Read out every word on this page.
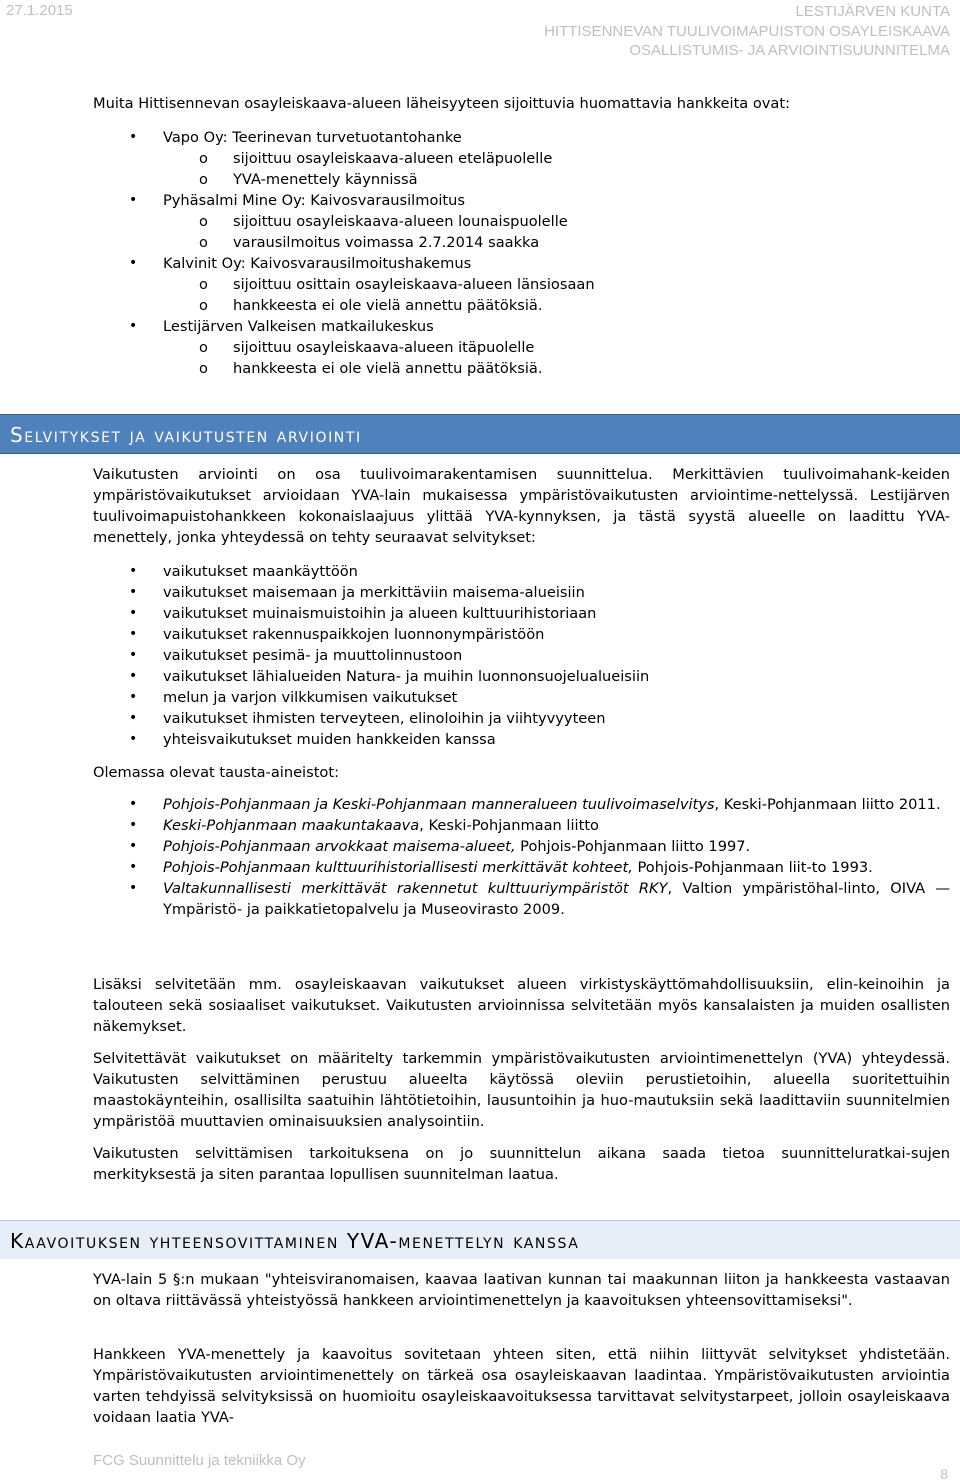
27.1.2015	LESTIJÄRVEN KUNTA
HITTISENNEVAN TUULIVOIMAPUISTON OSAYLEISKAAVA
OSALLISTUMIS- JA ARVIOINTISUUNNITELMA

Muita Hittisennevan osayleiskaava-alueen läheisyyteen sijoittuvia huomattavia hankkeita ovat:

• Vapo Oy: Teerinevan turvetuotantohanke
o sijoittuu osayleiskaava-alueen eteläpuolelle
o YVA-menettely käynnissä
• Pyhäsalmi Mine Oy: Kaivosvarausilmoitus
o sijoittuu osayleiskaava-alueen lounaispuolelle
o varausilmoitus voimassa 2.7.2014 saakka
• Kalvinit Oy: Kaivosvarausilmoitushakemus
o sijoittuu osittain osayleiskaava-alueen länsiosaan
o hankkeesta ei ole vielä annettu päätöksiä.
• Lestijärven Valkeisen matkailukeskus
o sijoittuu osayleiskaava-alueen itäpuolelle
o hankkeesta ei ole vielä annettu päätöksiä.
Selvitykset ja vaikutusten arviointi

Vaikutusten arviointi on osa tuulivoimarakentamisen suunnittelua. Merkittävien tuulivoimahank-keiden ympäristövaikutukset arvioidaan YVA-lain mukaisessa ympäristövaikutusten arviointime-nettelyssä. Lestijärven tuulivoimapuistohankkeen kokonaislaajuus ylittää YVA-kynnyksen, ja tästä syystä alueelle on laadittu YVA-menettely, jonka yhteydessä on tehty seuraavat selvitykset:

• vaikutukset maankäyttöön
• vaikutukset maisemaan ja merkittäviin maisema-alueisiin
• vaikutukset muinaismuistoihin ja alueen kulttuurihistoriaan
• vaikutukset rakennuspaikkojen luonnonympäristöön
• vaikutukset pesimä- ja muuttolinnustoon
• vaikutukset lähialueiden Natura- ja muihin luonnonsuojelualueisiin
• melun ja varjon vilkkumisen vaikutukset
• vaikutukset ihmisten terveyteen, elinoloihin ja viihtyvyyteen
• yhteisvaikutukset muiden hankkeiden kanssa

Olemassa olevat tausta-aineistot:

• Pohjois-Pohjanmaan ja Keski-Pohjanmaan manneralueen tuulivoimaselvitys, Keski-Pohjanmaan liitto 2011.
• Keski-Pohjanmaan maakuntakaava, Keski-Pohjanmaan liitto
• Pohjois-Pohjanmaan arvokkaat maisema-alueet, Pohjois-Pohjanmaan liitto 1997.
• Pohjois-Pohjanmaan kulttuurihistoriallisesti merkittävät kohteet, Pohjois-Pohjanmaan liit-to 1993.
• Valtakunnallisesti merkittävät rakennetut kulttuuriympäristöt RKY, Valtion ympäristöhal-linto, OIVA — Ympäristö- ja paikkatietopalvelu ja Museovirasto 2009.

Lisäksi selvitetään mm. osayleiskaavan vaikutukset alueen virkistyskäyttömahdollisuuksiin, elin-keinoihin ja talouteen sekä sosiaaliset vaikutukset. Vaikutusten arvioinnissa selvitetään myös kansalaisten ja muiden osallisten näkemykset.

Selvitettävät vaikutukset on määritelty tarkemmin ympäristövaikutusten arviointimenettelyn (YVA) yhteydessä. Vaikutusten selvittäminen perustuu alueelta käytössä oleviin perustietoihin, alueella suoritettuihin maastokäynteihin, osallisilta saatuihin lähtötietoihin, lausuntoihin ja huo-mautuksiin sekä laadittaviin suunnitelmien ympäristöä muuttavien ominaisuuksien analysointiin.

Vaikutusten selvittämisen tarkoituksena on jo suunnittelun aikana saada tietoa suunnitteluratkai-sujen merkityksestä ja siten parantaa lopullisen suunnitelman laatua.

Kaavoituksen yhteensovittaminen YVA-menettelyn kanssa

YVA-lain 5 §:n mukaan "yhteisviranomaisen, kaavaa laativan kunnan tai maakunnan liiton ja hankkeesta vastaavan on oltava riittävässä yhteistyössä hankkeen arviointimenettelyn ja kaavoituksen yhteensovittamiseksi".

Hankkeen YVA-menettely ja kaavoitus sovitetaan yhteen siten, että niihin liittyvät selvitykset yhdistetään. Ympäristövaikutusten arviointimenettely on tärkeä osa osayleiskaavan laadintaa. Ympäristövaikutusten arviointia varten tehdyissä selvityksissä on huomioitu osayleiskaavoituksessa tarvittavat selvitystarpeet, jolloin osayleiskaava voidaan laatia YVA-

FCG Suunnittelu ja tekniikka Oy
8
